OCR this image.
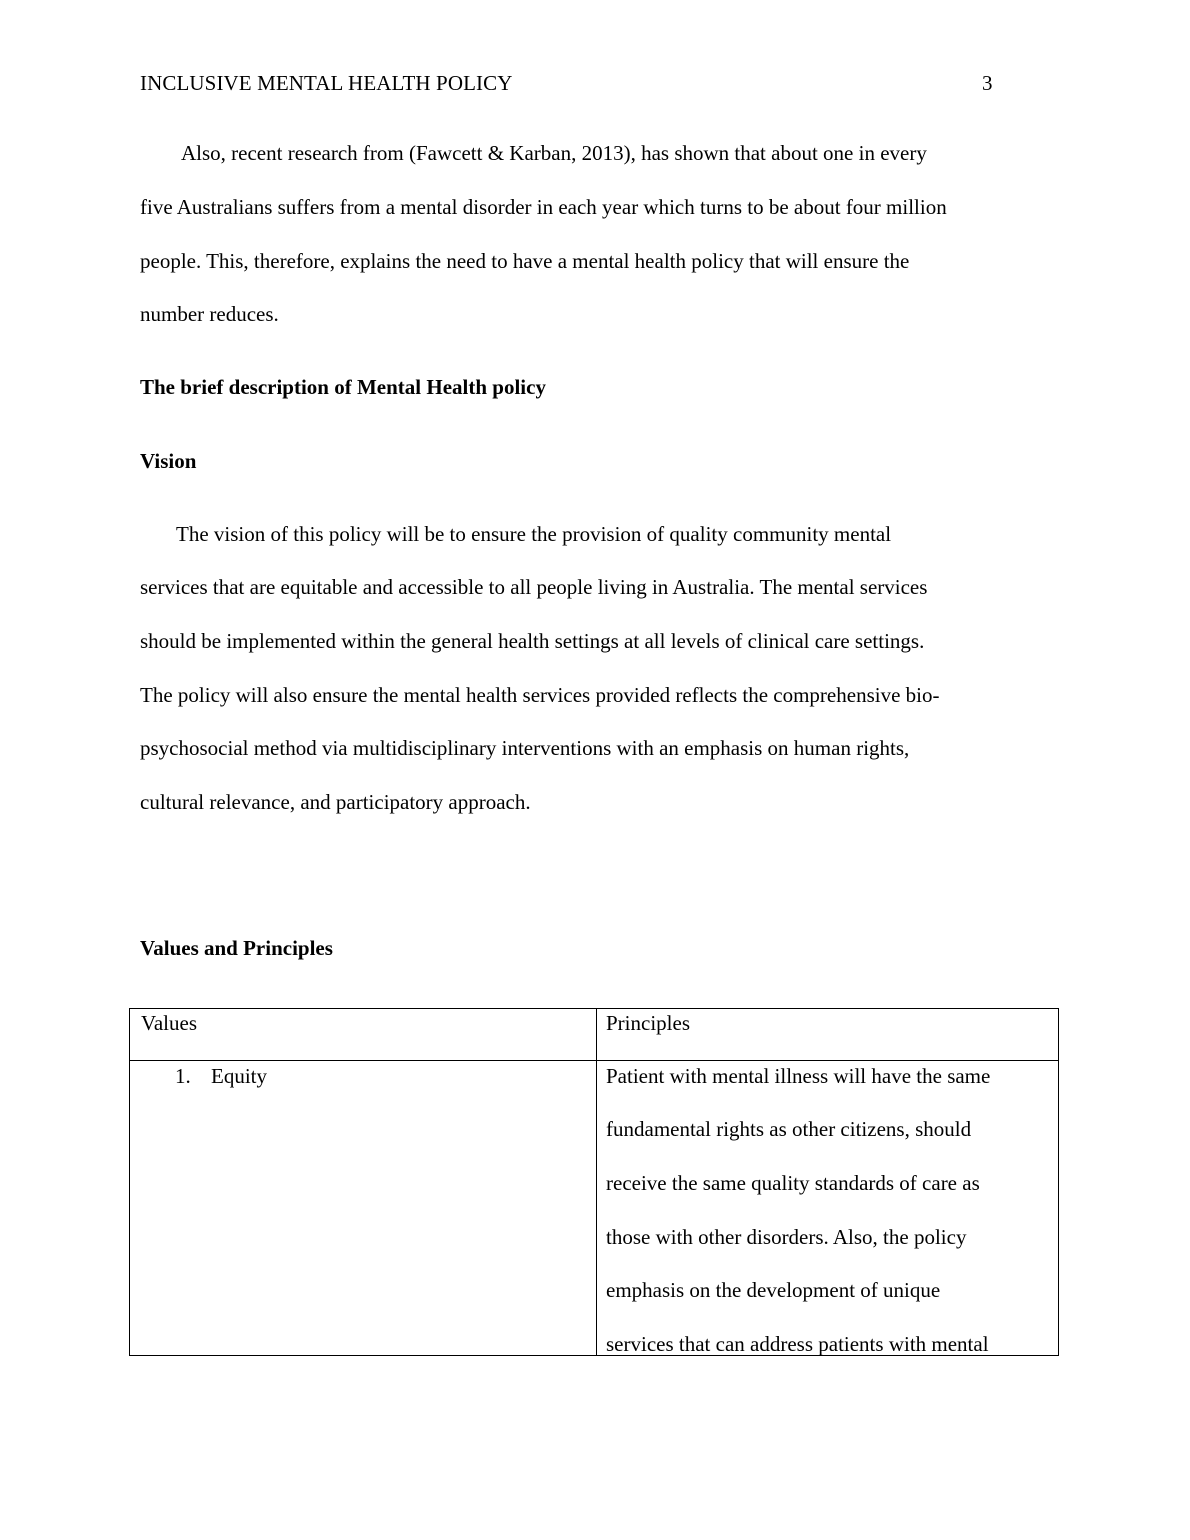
INCLUSIVE MENTAL HEALTH POLICY	3
Also, recent research from (Fawcett & Karban, 2013), has shown that about one in every
five Australians suffers from a mental disorder in each year which turns to be about four million
people. This, therefore, explains the need to have a mental health policy that will ensure the
number reduces.
The brief description of Mental Health policy
Vision
The vision of this policy will be to ensure the provision of quality community mental
services that are equitable and accessible to all people living in Australia. The mental services
should be implemented within the general health settings at all levels of clinical care settings.
The policy will also ensure the mental health services provided reflects the comprehensive bio-
psychosocial method via multidisciplinary interventions with an emphasis on human rights,
cultural relevance, and participatory approach.
Values and Principles
Values	Principles
1. Equity	Patient with mental illness will have the same
fundamental rights as other citizens, should
receive the same quality standards of care as
those with other disorders. Also, the policy
emphasis on the development of unique
services that can address patients with mental
